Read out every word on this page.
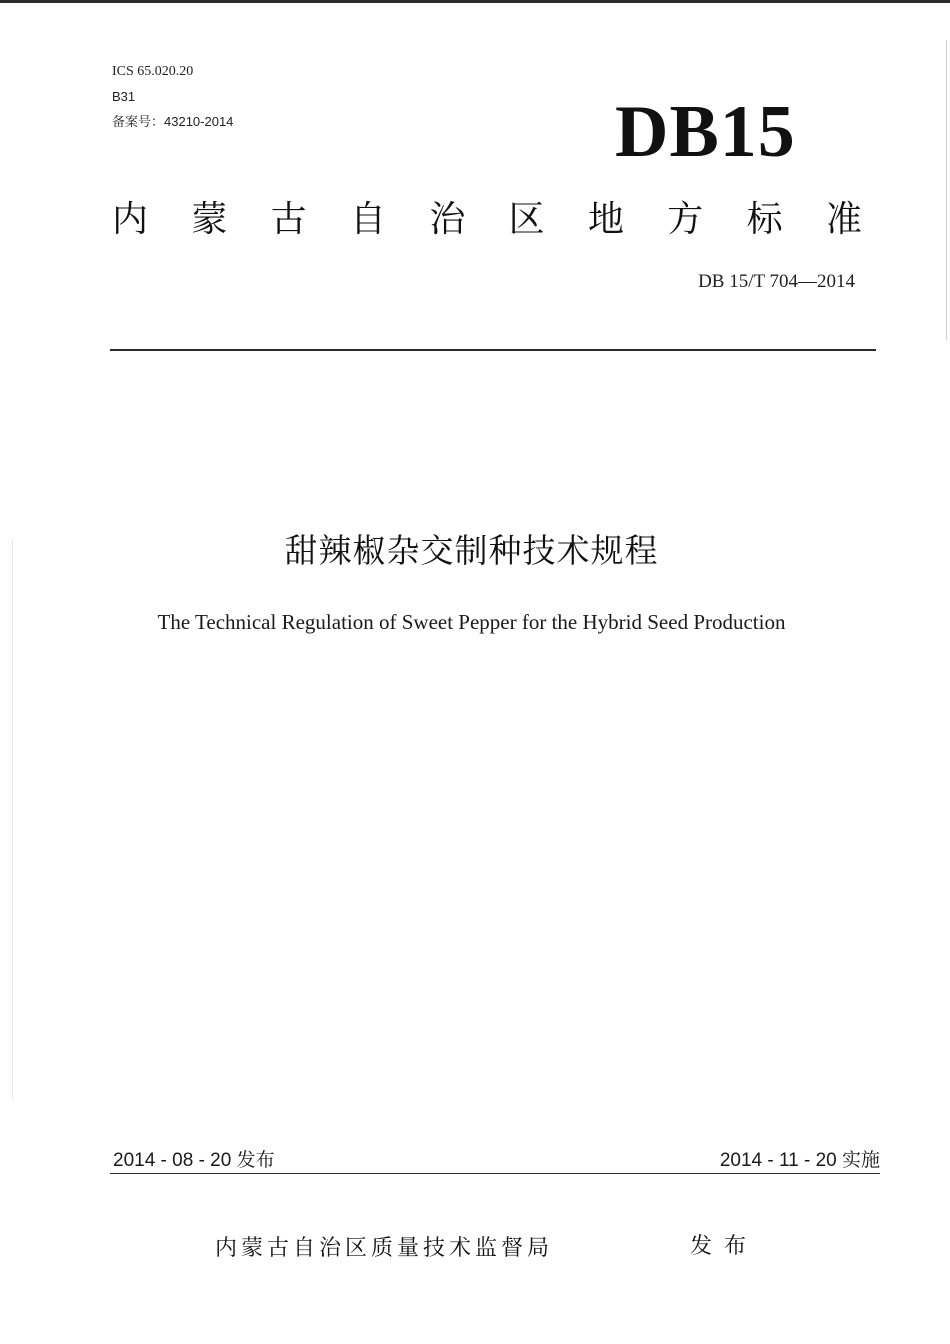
ICS 65.020.20
B31
备案号：43210-2014	DB15
内 蒙 古 自 治 区 地 方 标 准
DB 15/T 704—2014
甜辣椒杂交制种技术规程
The Technical Regulation of Sweet Pepper for the Hybrid Seed Production
2014 - 08 - 20 发布	2014 - 11 - 20 实施
内蒙古自治区质量技术监督局	发布
